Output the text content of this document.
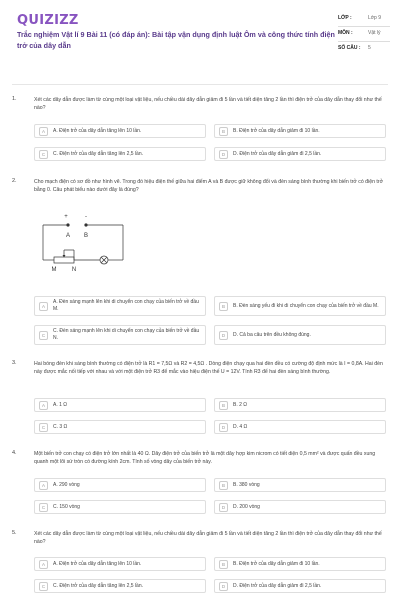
QUIZIZZ
Trắc nghiệm Vật lí 9 Bài 11 (có đáp án): Bài tập vận dụng định luật Ôm và công thức tính điện trở của dây dẫn
LỚP :	Lớp 9
MÔN :	Vật lý
SỐ CÂU :	5
1.	Xét các dây dẫn được làm từ cùng một loại vật liệu, nếu chiều dài dây dẫn giảm đi 5 lần và tiết diện tăng 2 lần thì điện trở của dây dẫn thay đổi như thế nào?
A	A. Điện trở của dây dẫn tăng lên 10 lần.	B	B. Điện trở của dây dẫn giảm đi 10 lần.
C	C. Điện trở của dây dẫn tăng lên 2,5 lần.	D	D. Điện trở của dây dẫn giảm đi 2,5 lần.
2.	Cho mạch điện có sơ đồ như hình vẽ. Trong đó hiệu điện thế giữa hai điểm A và B được giữ không đổi và đèn sáng bình thường khi biến trở có điện trở bằng 0. Câu phát biểu nào dưới đây là đúng?
A
A. Đèn sáng mạnh lên khi di chuyển con chạy của biến trở về đầu M.	B	B. Đèn sáng yếu đi khi di chuyển con chạy của biến trở về đầu M.
C
C. Đèn sáng mạnh lên khi di chuyển con chạy của biến trở về đầu N.	D	D. Cả ba câu trên đều không đúng.
+	-
A B
M	N
3.	Hai bóng đèn khi sáng bình thường có điện trở là R1 = 7,5Ω và R2 = 4,5Ω . Dòng điện chạy qua hai đèn đều có cường độ định mức là I = 0,8A. Hai đèn này được mắc nối tiếp với nhau và với một điện trở R3 để mắc vào hiệu điện thế U = 12V. Tính R3 để hai đèn sáng bình thường.
A	A. 1 Ω	B	B. 2 Ω
C	C. 3 Ω	D	D. 4 Ω
4.	Một biến trở con chạy có điện trở lớn nhất là 40 Ω. Dây điện trở của biến trở là một dây hợp kim nicrom có tiết diện 0,5 mm² và được quấn đều xung quanh một lõi sứ tròn có đường kính 2cm. Tính số vòng dây của biến trở này.
A	A. 290 vòng	B	B. 380 vòng
C	C. 150 vòng	D	D. 200 vòng
5.	Xét các dây dẫn được làm từ cùng một loại vật liệu, nếu chiều dài dây dẫn giảm đi 5 lần và tiết diện tăng 2 lần thì điện trở của dây dẫn thay đổi như thế nào?
A	A. Điện trở của dây dẫn tăng lên 10 lần.	B	B. Điện trở của dây dẫn giảm đi 10 lần.
C	C. Điện trở của dây dẫn tăng lên 2,5 lần.	D	D. Điện trở của dây dẫn giảm đi 2,5 lần.
